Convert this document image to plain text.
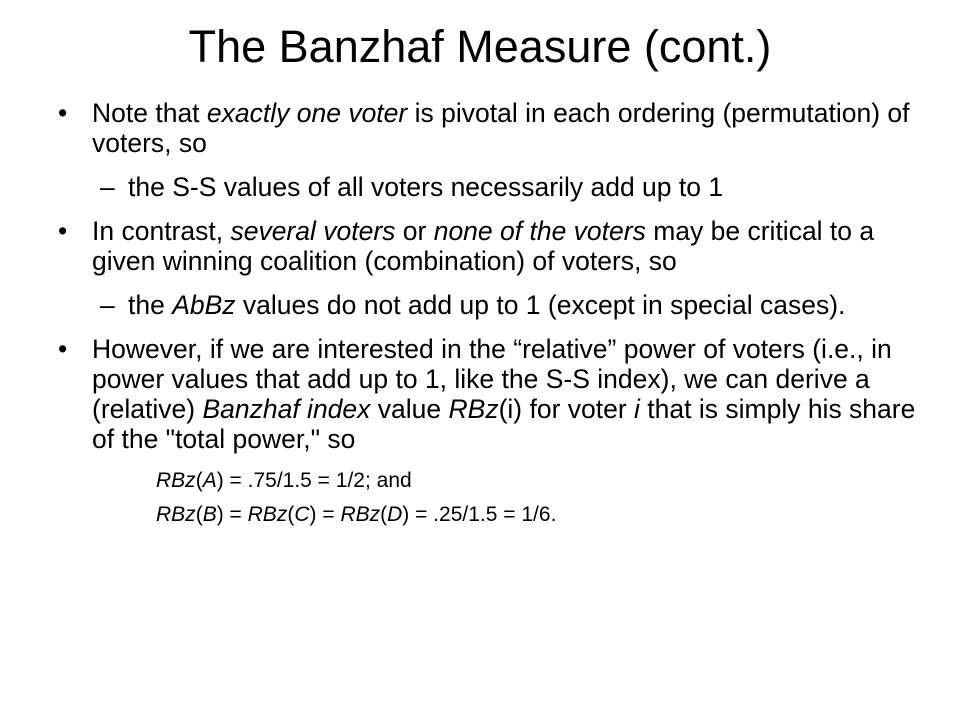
The Banzhaf Measure (cont.)

• Note that exactly one voter is pivotal in each ordering (permutation) of voters, so

– the S-S values of all voters necessarily add up to 1

• In contrast, several voters or none of the voters may be critical to a given winning coalition (combination) of voters, so

– the AbBz values do not add up to 1 (except in special cases).

• However, if we are interested in the “relative” power of voters (i.e., in power values that add up to 1, like the S-S index), we can derive a (relative) Banzhaf index value RBz(i) for voter i that is simply his share of the "total power," so

RBz(A) = .75/1.5 = 1/2; and

RBz(B) = RBz(C) = RBz(D) = .25/1.5 = 1/6.
